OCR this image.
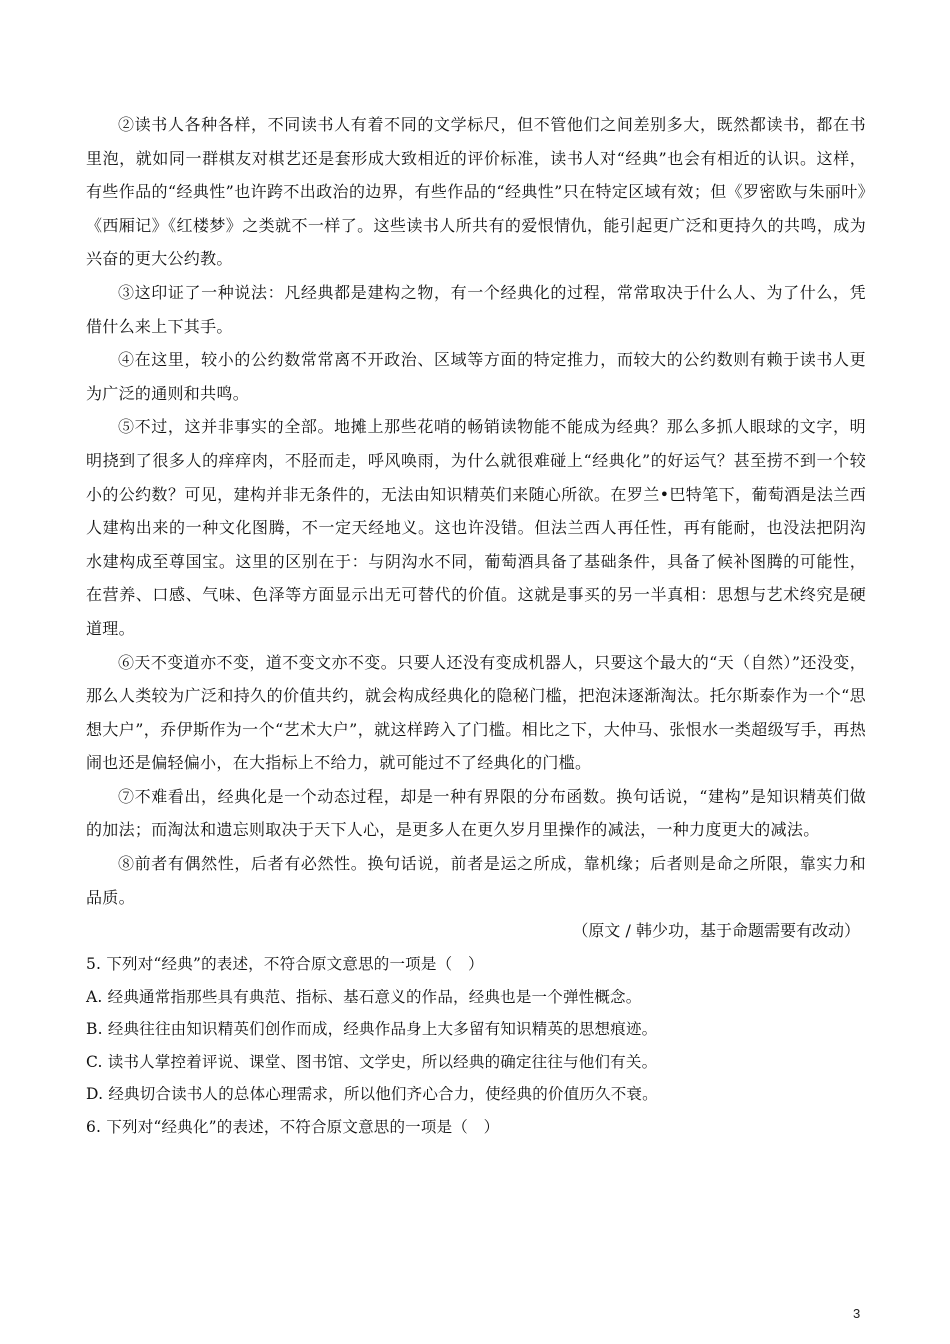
②读书人各种各样，不同读书人有着不同的文学标尺，但不管他们之间差别多大，既然都读书，都在书里泡，就如同一群棋友对棋艺还是套形成大致相近的评价标准，读书人对“经典”也会有相近的认识。这样，有些作品的“经典性”也许跨不出政治的边界，有些作品的“经典性”只在特定区域有效；但《罗密欧与朱丽叶》《西厢记》《红楼梦》之类就不一样了。这些读书人所共有的爱恨情仇，能引起更广泛和更持久的共鸣，成为兴奋的更大公约教。

③这印证了一种说法：凡经典都是建构之物，有一个经典化的过程，常常取决于什么人、为了什么，凭借什么来上下其手。

④在这里，较小的公约数常常离不开政治、区域等方面的特定推力，而较大的公约数则有赖于读书人更为广泛的通则和共鸣。

⑤不过，这并非事实的全部。地摊上那些花哨的畅销读物能不能成为经典？那么多抓人眼球的文字，明明挠到了很多人的痒痒肉，不胫而走，呼风唤雨，为什么就很难碰上“经典化”的好运气？甚至捞不到一个较小的公约数？可见，建构并非无条件的，无法由知识精英们来随心所欲。在罗兰•巴特笔下，葡萄酒是法兰西人建构出来的一种文化图腾，不一定天经地义。这也许没错。但法兰西人再任性，再有能耐，也没法把阴沟水建构成至尊国宝。这里的区别在于：与阴沟水不同，葡萄酒具备了基础条件，具备了候补图腾的可能性，在营养、口感、气味、色泽等方面显示出无可替代的价值。这就是事买的另一半真相：思想与艺术终究是硬道理。

⑥天不变道亦不变，道不变文亦不变。只要人还没有变成机器人，只要这个最大的“天（自然）”还没变，那么人类较为广泛和持久的价值共约，就会构成经典化的隐秘门槛，把泡沫逐渐淘汰。托尔斯泰作为一个“思想大户”，乔伊斯作为一个“艺术大户”，就这样跨入了门槛。相比之下，大仲马、张恨水一类超级写手，再热闹也还是偏轻偏小，在大指标上不给力，就可能过不了经典化的门槛。

⑦不难看出，经典化是一个动态过程，却是一种有界限的分布函数。换句话说，“建构”是知识精英们做的加法；而淘汰和遗忘则取决于天下人心，是更多人在更久岁月里操作的减法，一种力度更大的减法。

⑧前者有偶然性，后者有必然性。换句话说，前者是运之所成，靠机缘；后者则是命之所限，靠实力和品质。

（原文 / 韩少功，基于命题需要有改动）

5. 下列对“经典”的表述，不符合原文意思的一项是（　）

A. 经典通常指那些具有典范、指标、基石意义的作品，经典也是一个弹性概念。

B. 经典往往由知识精英们创作而成，经典作品身上大多留有知识精英的思想痕迹。

C. 读书人掌控着评说、课堂、图书馆、文学史，所以经典的确定往往与他们有关。

D. 经典切合读书人的总体心理需求，所以他们齐心合力，使经典的价值历久不衰。

6. 下列对“经典化”的表述，不符合原文意思的一项是（　）

3
